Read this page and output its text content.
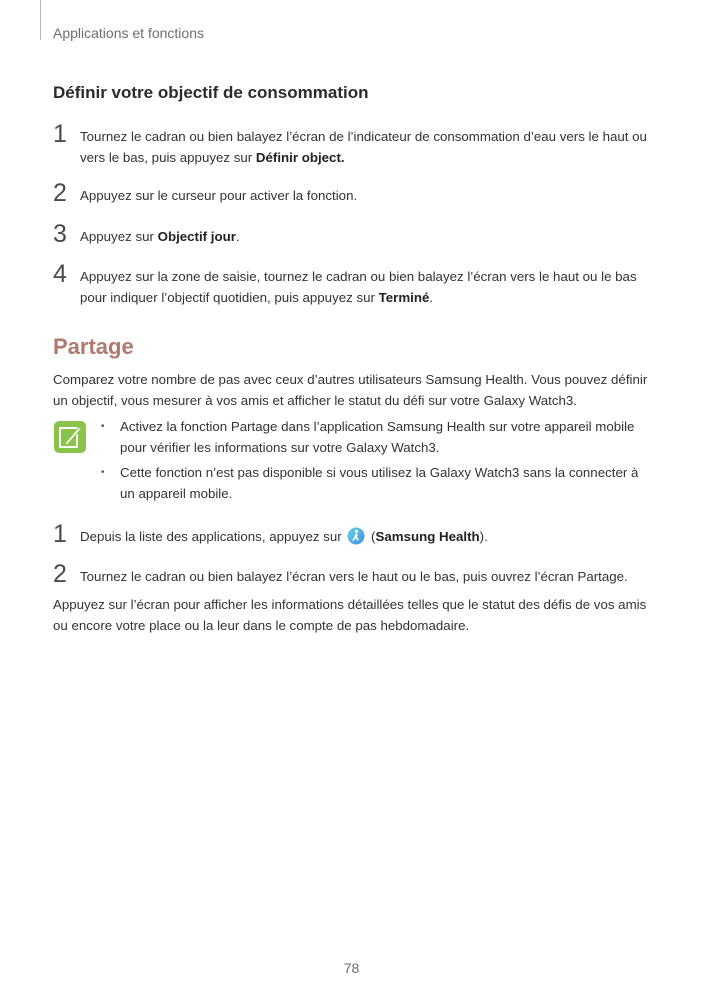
Applications et fonctions
Définir votre objectif de consommation
1 Tournez le cadran ou bien balayez l’écran de l’indicateur de consommation d’eau vers le haut ou vers le bas, puis appuyez sur Définir object.
2 Appuyez sur le curseur pour activer la fonction.
3 Appuyez sur Objectif jour.
4 Appuyez sur la zone de saisie, tournez le cadran ou bien balayez l’écran vers le haut ou le bas pour indiquer l’objectif quotidien, puis appuyez sur Terminé.
Partage
Comparez votre nombre de pas avec ceux d’autres utilisateurs Samsung Health. Vous pouvez définir un objectif, vous mesurer à vos amis et afficher le statut du défi sur votre Galaxy Watch3.
• Activez la fonction Partage dans l’application Samsung Health sur votre appareil mobile pour vérifier les informations sur votre Galaxy Watch3.
• Cette fonction n’est pas disponible si vous utilisez la Galaxy Watch3 sans la connecter à un appareil mobile.
1 Depuis la liste des applications, appuyez sur  (Samsung Health).
2 Tournez le cadran ou bien balayez l’écran vers le haut ou le bas, puis ouvrez l’écran Partage.
Appuyez sur l’écran pour afficher les informations détaillées telles que le statut des défis de vos amis ou encore votre place ou la leur dans le compte de pas hebdomadaire.
78
